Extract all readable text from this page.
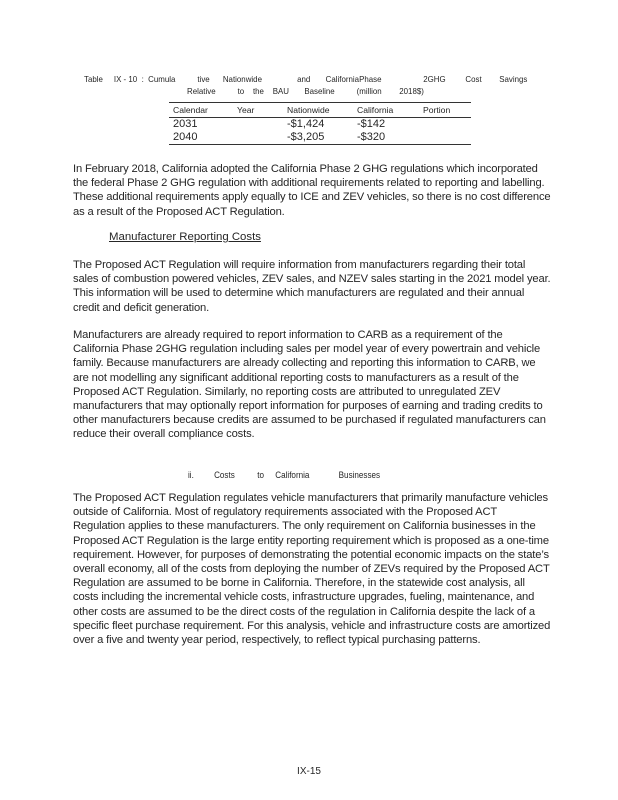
Table     IX - 10  :  Cumula          tive      Nationwide                and       CaliforniaPhase                   2GHG         Cost        Savings
Relative          to    the    BAU       Baseline          (million        2018$)
Calendar	Year	Nationwide	California	Portion
2031		-$1,424	-$142	
2040		-$3,205	-$320	

In February 2018, California adopted the California Phase 2 GHG regulations which incorporated the federal Phase 2 GHG regulation with additional requirements related to reporting and labelling. These additional requirements apply equally to ICE and ZEV vehicles, so there is no cost difference as a result of the Proposed ACT Regulation.

Manufacturer Reporting Costs

The Proposed ACT Regulation will require information from manufacturers regarding their total sales of combustion powered vehicles, ZEV sales, and NZEV sales starting in the 2021 model year. This information will be used to determine which manufacturers are regulated and their annual credit and deficit generation.

Manufacturers are already required to report information to CARB as a requirement of the California Phase 2GHG regulation including sales per model year of every powertrain and vehicle family. Because manufacturers are already collecting and reporting this information to CARB, we are not modelling any significant additional reporting costs to manufacturers as a result of the Proposed ACT Regulation. Similarly, no reporting costs are attributed to unregulated ZEV manufacturers that may optionally report information for purposes of earning and trading credits to other manufacturers because credits are assumed to be purchased if regulated manufacturers can reduce their overall compliance costs.

ii.         Costs          to     California             Businesses

The Proposed ACT Regulation regulates vehicle manufacturers that primarily manufacture vehicles outside of California. Most of regulatory requirements associated with the Proposed ACT Regulation applies to these manufacturers. The only requirement on California businesses in the Proposed ACT Regulation is the large entity reporting requirement which is proposed as a one-time requirement. However, for purposes of demonstrating the potential economic impacts on the state’s overall economy, all of the costs from deploying the number of ZEVs required by the Proposed ACT Regulation are assumed to be borne in California. Therefore, in the statewide cost analysis, all costs including the incremental vehicle costs, infrastructure upgrades, fueling, maintenance, and other costs are assumed to be the direct costs of the regulation in California despite the lack of a specific fleet purchase requirement. For this analysis, vehicle and infrastructure costs are amortized over a five and twenty year period, respectively, to reflect typical purchasing patterns.

IX-15
